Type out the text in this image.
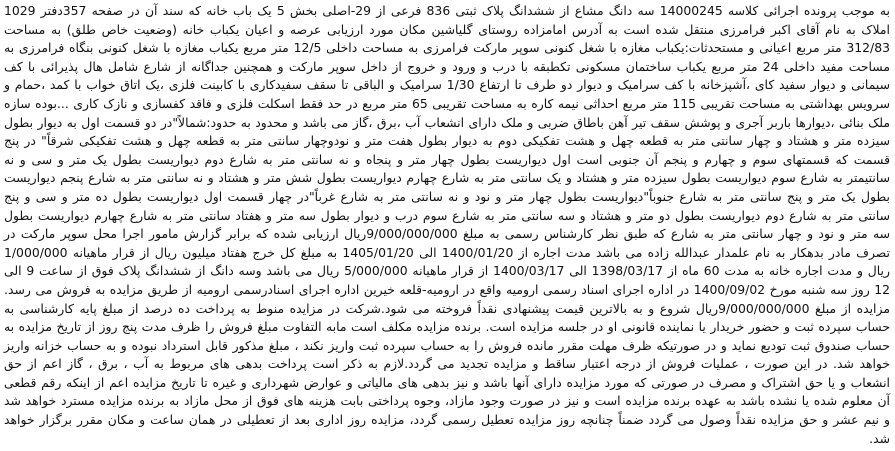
به موجب پرونده اجرائی کلاسه 14000245 سه دانگ مشاع از ششدانگ پلاک ثبتی 836 فرعی از 29-اصلی بخش 5 یک باب خانه که سند آن در صفحه 357دفتر 1029 املاک به نام آقای اکبر فرامرزی منتقل شده است به آدرس امامزاده روستای گلیاشین مکان مورد ارزیابی عرصه و اعیان یکباب خانه (وضعیت خاص طلق) به مساحت 312/83 متر مربع اعیانی و مستحدثات:یکباب مغازه با شغل کنونی سوپر مارکت فرامرزی به مساحت داخلی 12/5 متر مربع یکباب مغازه با شغل کنونی بنگاه فرامرزی به مساحت مفید داخلی 24 متر مربع یکباب ساختمان مسکونی تکطبقه با درب و ورود و خروج از داخل سوپر مارکت و همچنین جداگانه از شارع شامل هال پذیرائی با کف سیمانی و دیوار سفید کای ،آشپزخانه با کف سرامیک و دیوار دو طرف تا ارتفاع 1/30 سرامیک و الباقی تا سقف سفیدکاری با کابینت فلزی ،یک اتاق خواب با کمد ،حمام و سرویس بهداشتی به مساحت تقریبی 115 متر مربع احداثی نیمه کاره به مساحت تقریبی 65 متر مربع در حد فقط اسکلت فلزی و فاقد کفسازی و نازک کاری ...بوده سازه ملک بنائی ،دیوارها باربر آجری و پوشش سقف تیر آهن باطاق ضربی و ملک دارای انشعاب آب ،برق ،گاز می باشد و محدود به حدود:شمالاً"در دو قسمت اول به دیوار بطول سیزده متر و هشتاد و چهار سانتی متر به قطعه چهل و هشت تفکیکی دوم به دیوار بطول هفت متر و نودوچهار سانتی متر به قطعه چهل و هشت تفکیکی شرقاً" در پنج قسمت که قسمتهای سوم و چهارم و پنجم آن جنوبی است اول دیواریست بطول چهار متر و پنجاه و نه سانتی متر به شارع دوم دیواریست بطول یک متر و سی و نه سانتیمتر به شارع سوم دیواریست بطول سیزده متر و هشتاد و یک سانتی متر به شارع چهارم دیواریست بطول شش متر و هشتاد و نه سانتی متر به شارع پنجم دیواریست بطول یک متر و پنج سانتی متر به شارع جنوباً"دیواریست بطول چهار متر و نود و نه سانتی متر به شارع غرباً"در چهار قسمت اول دیواریست بطول ده متر و سی و پنج سانتی متر به شارع دوم دیواریست بطول دو متر و هشتاد و سه سانتی متر به شارع سوم درب و دیوار بطول سه متر و هفتاد سانتی متر به شارع چهارم دیواریست بطول سه متر و نود و چهار سانتی متر به شارع که طبق نظر کارشناس رسمی به مبلغ 9/000/000/000ریال ارزیابی شده که برابر گزارش مامور اجرا محل سوپر مارکت در تصرف مادر بدهکار به نام علمدار عبدالله زاده می باشد مدت اجاره از 1400/01/20 الی 1405/01/20 به مبلغ کل خرج هفتاد میلیون ریال از قرار ماهیانه 1/000/000 ریال و مدت اجاره خانه به مدت 60 ماه از 1398/03/17 الی 1400/03/17 از قرار ماهیانه 5/000/000 ریال می باشد وسه دانگ از ششدانگ پلاک فوق از ساعت 9 الی 12 روز سه شنبه مورخ 1400/09/02 در اداره اجرای اسناد رسمی ارومیه واقع در ارومیه-قلعه خیرین اداره اجرای اسنادرسمی ارومیه از طریق مزایده به فروش می رسد. مزایده از مبلغ 9/000/000/000ریال شروع و به بالاترین قیمت پیشنهادی نقداً فروخته می شود.شرکت در مزایده منوط به پرداخت ده درصد از مبلغ پایه کارشناسی به حساب سپرده ثبت و حضور خریدار یا نماینده قانونی او در جلسه مزایده است. برنده مزایده مکلف است مابه التفاوت مبلغ فروش را ظرف مدت پنج روز از تاریخ مزایده به حساب صندوق ثبت تودیع نماید و در صورتیکه ظرف مهلت مقرر مانده فروش را به حساب سپرده ثبت واریز نکند ، مبلغ مذکور قابل استرداد نبوده و به حساب خزانه واریز خواهد شد. در این صورت ، عملیات فروش از درجه اعتبار ساقط و مزایده تجدید می گردد.لازم به ذکر است پرداخت بدهی های مربوط به آب ، برق ، گاز اعم از حق انشعاب و یا حق اشتراک و مصرف در صورتی که مورد مزایده دارای آنها باشد و نیز بدهی های مالیاتی و عوارض شهرداری و غیره تا تاریخ مزایده اعم از اینکه رقم قطعی آن معلوم شده یا نشده باشد به عهده برنده مزایده است و نیز در صورت وجود مازاد، وجوه پرداختی بابت هزینه های فوق از محل مازاد به برنده مزایده مسترد خواهد شد و نیم عشر و حق مزایده نقداً وصول می گردد ضمناً چنانچه روز مزایده تعطیل رسمی گردد، مزایده روز اداری بعد از تعطیلی در همان ساعت و مکان مقرر برگزار خواهد شد.
